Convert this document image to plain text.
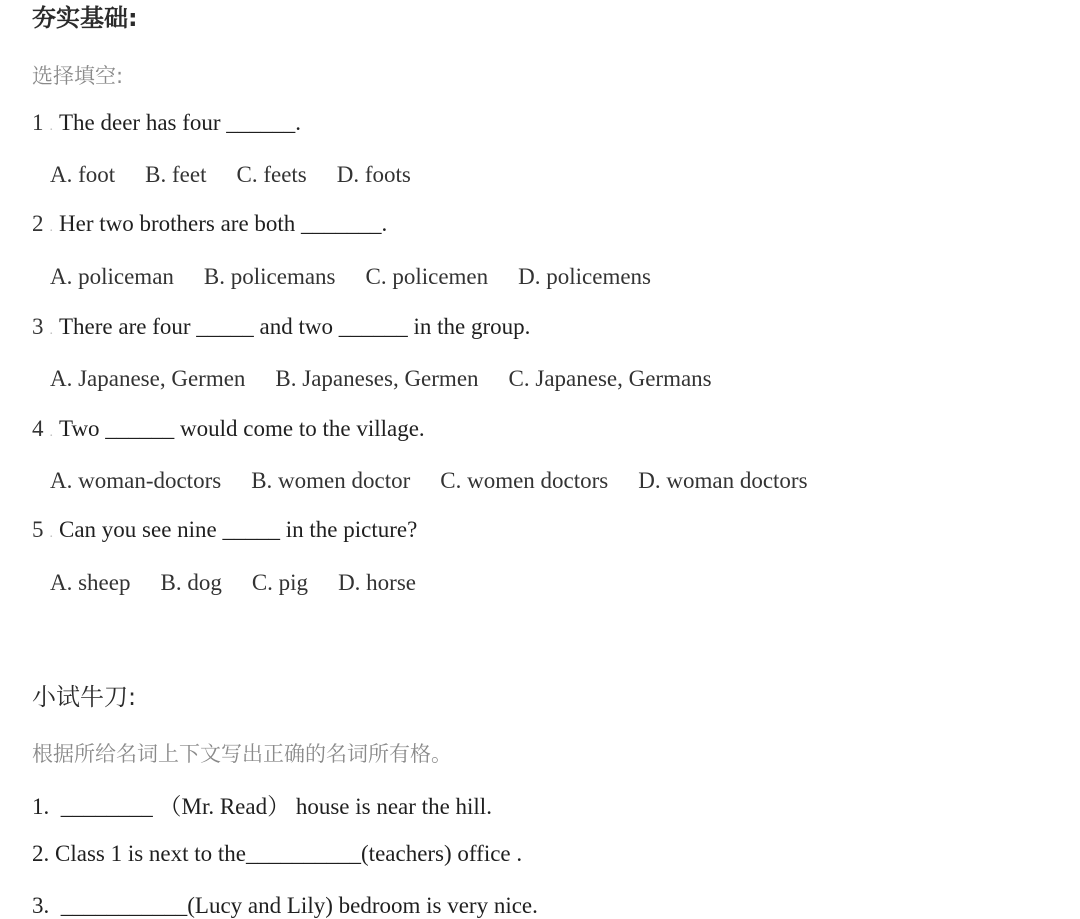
夯实基础:
选择填空:
1 . The deer has four ______.
A. foot B. feet C. feets D. foots
2 . Her two brothers are both _______.
A. policeman B. policemans C. policemen D. policemens
3 . There are four _____ and two ______ in the group.
A. Japanese, Germen B. Japaneses, Germen C. Japanese, Germans
4 . Two ______ would come to the village.
A. woman-doctors B. women doctor C. women doctors D. woman doctors
5 . Can you see nine _____ in the picture?
A. sheep B. dog C. pig D. horse
小试牛刀:
根据所给名词上下文写出正确的名词所有格。
1.  ________ （Mr. Read） house is near the hill.
2. Class 1 is next to the__________(teachers) office .
3.  ___________(Lucy and Lily) bedroom is very nice.
